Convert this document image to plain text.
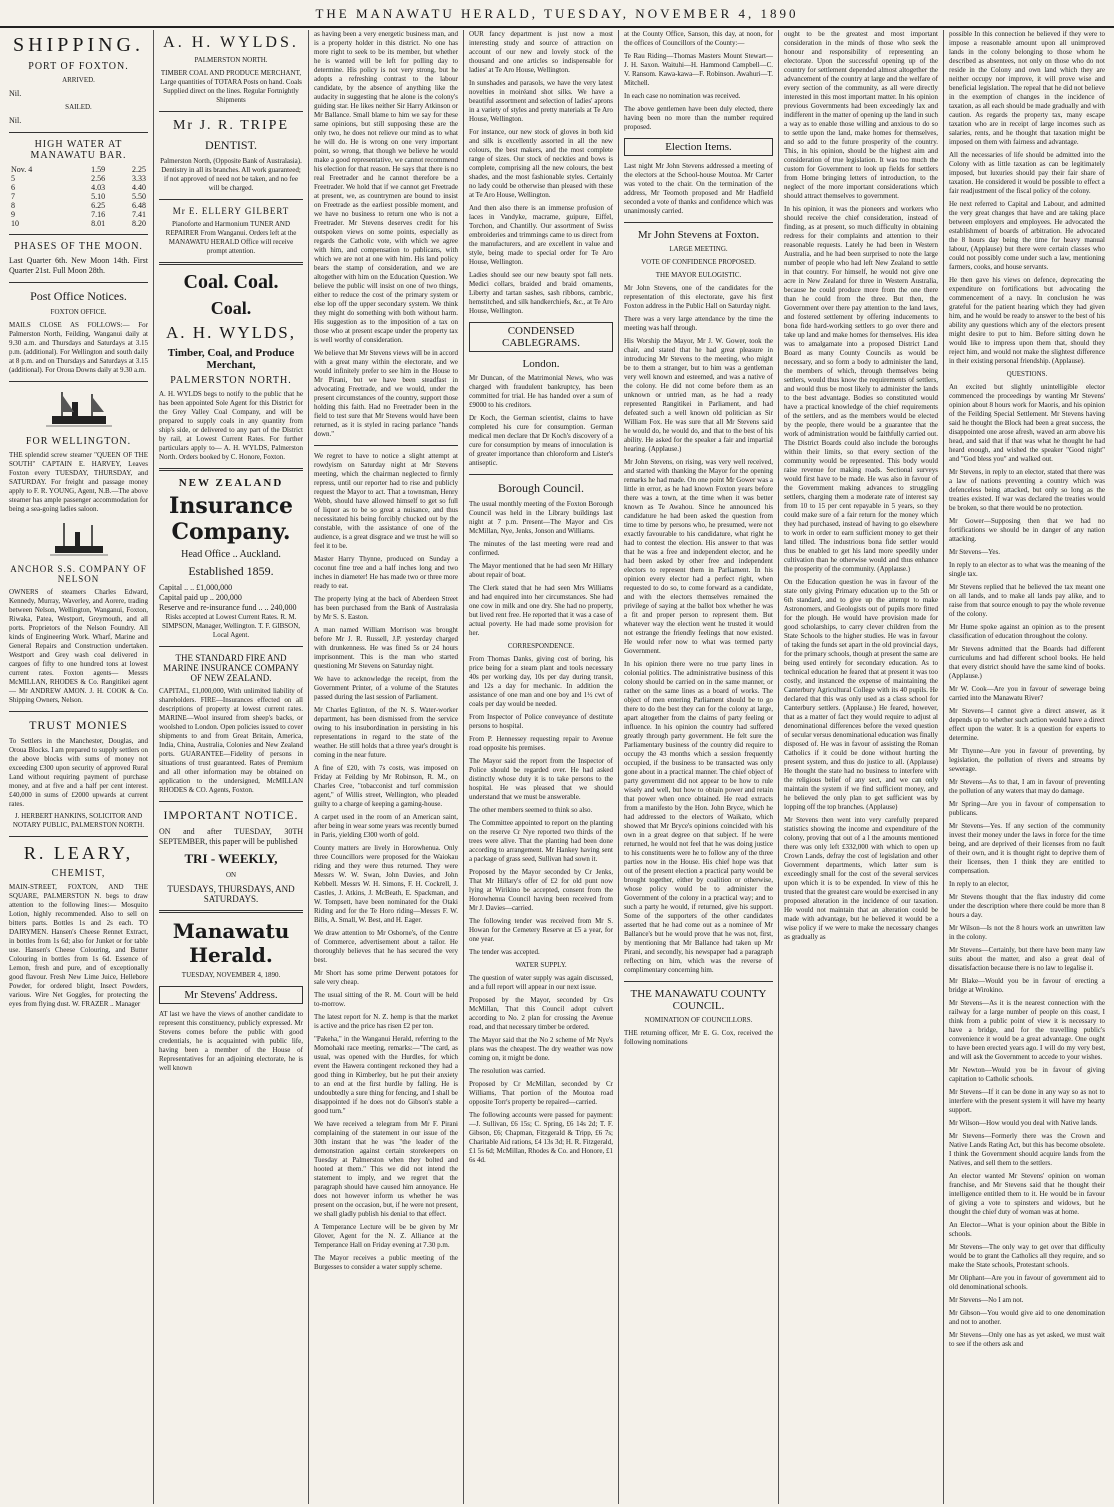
THE MANAWATU HERALD, TUESDAY, NOVEMBER 4, 1890
SHIPPING.
PORT OF FOXTON.
ARRIVED.
Nil.
SAILED.
Nil.
HIGH WATER AT MANAWATU BAR.
Nov. 4	1.59	2.25
5	2.56	3.33
6	4.03	4.40
7	5.10	5.50
8	6.25	6.48
9	7.16	7.41
10	8.01	8.20
PHASES OF THE MOON.
Last Quarter 6th. New Moon 14th. First Quarter 21st. Full Moon 28th.
Post Office Notices.
FOXTON OFFICE.
MAILS CLOSE AS FOLLOWS:— For Palmerston North, Feilding, Wanganui daily at 9.30 a.m. and Thursdays and Saturdays at 3.15 p.m. (additional). For Wellington and south daily at 8 p.m. and on Thursdays and Saturdays at 3.15 (additional). For Oroua Downs daily at 9.30 a.m.
FOR WELLINGTON.
THE splendid screw steamer "QUEEN OF THE SOUTH" CAPTAIN E. HARVEY, Leaves Foxton every TUESDAY, THURSDAY, and SATURDAY. For freight and passage money apply to F. R. YOUNG, Agent, N.B.—The above steamer has ample passenger accommodation for being a sea-going ladies saloon.
ANCHOR S.S. COMPANY OF NELSON
OWNERS of steamers Charles Edward, Kennedy, Murray, Waverley, and Aorere, trading between Nelson, Wellington, Wanganui, Foxton, Riwaka, Patea, Westport, Greymouth, and all ports. Proprietors of the Nelson Foundry. All kinds of Engineering Work. Wharf, Marine and General Repairs and Construction undertaken. Westport and Grey wash coal delivered in cargoes of fifty to one hundred tons at lowest current rates. Foxton agents— Messrs McMILLAN, RHODES & Co. Rangitikei agent— Mr ANDREW AMON. J. H. COOK & Co. Shipping Owners, Nelson.
TRUST MONIES
To Settlers in the Manchester, Douglas, and Oroua Blocks. I am prepared to supply settlers on the above blocks with sums of money not exceeding £300 upon security of approved Rural Land without requiring payment of purchase money, and at five and a half per cent interest. £40,000 in sums of £2000 upwards at current rates.
J. HERBERT HANKINS, SOLICITOR AND NOTARY PUBLIC, PALMERSTON NORTH.
R. LEARY,
CHEMIST,
MAIN-STREET, FOXTON, AND THE SQUARE, PALMERSTON N. begs to draw attention to the following lines:— Mosquito Lotion, highly recommended. Also to sell on bitters parts. Bottles 1s and 2s each. TO DAIRYMEN. Hansen's Cheese Rennet Extract, in bottles from 1s 6d; also for Junket or for table use. Hansen's Cheese Colouring, and Butter Colouring in bottles from 1s 6d. Essence of Lemon, fresh and pure, and of exceptionally good flavour. Fresh New Lime Juice, Hellebore Powder, for ordered blight, Insect Powders, various. Wire Net Goggles, for protecting the eyes from flying dust. W. FRAZER .. Manager
A. H. WYLDS.
PALMERSTON NORTH.
TIMBER COAL AND PRODUCE MERCHANT, Large quantities of TOTARA Posts on hand. Coals Supplied direct on the lines. Regular Fortnightly Shipments
Mr J. R. TRIPE
DENTIST.
Palmerston North, (Opposite Bank of Australasia). Dentistry in all its branches. All work guaranteed; if not approved of need not be taken, and no fee will be charged.
Mr E. ELLERY GILBERT
Pianoforte and Harmonium TUNER AND REPAIRER From Wanganui. Orders left at the MANAWATU HERALD Office will receive prompt attention.
Coal. Coal.
Coal.
A. H. WYLDS,
Timber, Coal, and Produce Merchant,
PALMERSTON NORTH.
A. H. WYLDS begs to notify to the public that he has been appointed Sole Agent for this District for the Grey Valley Coal Company, and will be prepared to supply coals in any quantity from ship's side, or delivered to any part of the District by rail, at Lowest Current Rates. For further particulars apply to— A. H. WYLDS, Palmerston North. Orders booked by C. Honore, Foxton.
NEW ZEALAND
Insurance Company.
Head Office .. Auckland.
Established 1859.
Capital .. .. £1,000,000
Capital paid up .. 200,000
Reserve and re-insurance fund .. .. 240,000
Risks accepted at Lowest Current Rates. R. M. SIMPSON, Manager, Wellington. T. F. GIBSON, Local Agent.
THE STANDARD FIRE AND MARINE INSURANCE COMPANY OF NEW ZEALAND.
CAPITAL, £1,000,000, With unlimited liability of shareholders. FIRE—Insurances effected on all descriptions of property at lowest current rates. MARINE—Wool insured from sheep's backs, or woolshed to London. Open policies issued to cover shipments to and from Great Britain, America, India, China, Australia, Colonies and New Zealand ports. GUARANTEE—Fidelity of persons in situations of trust guaranteed. Rates of Premium and all other information may be obtained on application to the undersigned, McMILLAN RHODES & CO. Agents, Foxton.
IMPORTANT NOTICE.
ON and after TUESDAY, 30TH SEPTEMBER, this paper will be published
TRI - WEEKLY,
ON
TUESDAYS, THURSDAYS, AND SATURDAYS.
Manawatu Herald.
TUESDAY, NOVEMBER 4, 1890.
Mr Stevens' Address.
AT last we have the views of another candidate to represent this constituency, publicly expressed. Mr Stevens comes before the public with good credentials, he is acquainted with public life, having been a member of the House of Representatives for an adjoining electorate, he is well known

as having been a very energetic business man, and is a property holder in this district. No one has more right to seek to be its member, but whether he is wanted will be left for polling day to determine. His policy is not very strong, but he adopts a refreshing contrast to the labour candidate, by the absence of anything like the audacity in suggesting that he alone is the colony's guiding star. He likes neither Sir Harry Atkinson or Mr Ballance. Small blame to him we say for these same opinions, but still supposing these are the only two, he does not relieve our mind as to what he will do. He is wrong on one very important point, so wrong, that though we believe he would make a good representative, we cannot recommend his election for that reason. He says that there is no real Freetrader and he cannot therefore be a Freetrader. We hold that if we cannot get Freetrade at present, we, as countrymen are bound to insist on Freetrade as the earliest possible moment, and we have no business to return one who is not a Freetrader. Mr Stevens deserves credit for his outspoken views on some points, especially as regards the Catholic vote, with which we agree with him, and compensation to publicans, with which we are not at one with him. His land policy bears the stamp of consideration, and we are altogether with him on the Education Question. We believe the public will insist on one of two things, either to reduce the cost of the primary system or else lop off the upper secondary system. We think they might do something with both without harm. His suggestion as to the imposition of a tax on those who at present escape under the property tax is well worthy of consideration.

We believe that Mr Stevens views will be in accord with a great many within the electorate, and we would infinitely prefer to see him in the House to Mr Pirani, but we have been steadfast in advocating Freetrade, and we would, under the present circumstances of the country, support those holding this faith. Had no Freetrader been in the field to test sure that Mr Stevens would have been returned, as it is styled in racing parlance "hands down."

We regret to have to notice a slight attempt at rowdyism on Saturday night at Mr Stevens meeting, which the chairman neglected to firmly repress, until our reporter had to rise and publicly request the Mayor to act. That a townsman, Henry Webb, should have allowed himself to get so full of liquor as to be so great a nuisance, and thus necessitated his being forcibly chucked out by the constable, with the assistance of one of the audience, is a great disgrace and we trust he will so feel it to be.

Master Harry Thynne, produced on Sunday a coconut fine tree and a half inches long and two inches in diameter! He has made two or three more ready to eat.

The property lying at the back of Aberdeen Street has been purchased from the Bank of Australasia by Mr S. S. Easton.

A man named William Morrison was brought before Mr J. R. Russell, J.P. yesterday charged with drunkenness. He was fined 5s or 24 hours imprisonment. This is the man who started questioning Mr Stevens on Saturday night.

We have to acknowledge the receipt, from the Government Printer, of a volume of the Statutes passed during the last session of Parliament.

Mr Charles Eglinton, of the N. S. Water-worker department, has been dismissed from the service owing to his insubordination in persisting in his representations in regard to the state of the weather. He still holds that a three year's drought is coming in the near future.

A fine of £20, with 7s costs, was imposed on Friday at Feilding by Mr Robinson, R. M., on Charles Cree, "tobacconist and turf commission agent," of Willis street, Wellington, who pleaded guilty to a charge of keeping a gaming-house.

A carpet used in the room of an American saint, after being in wear some years was recently burned in Paris, yielding £300 worth of gold.

County matters are lively in Horowhenua. Only three Councillors were proposed for the Waiokau riding and they were thus returned. They were Messrs W. W. Swan, John Davies, and John Kebbell. Messrs W. H. Simons, F. H. Cockrell, J. Castles, J. Atkins, J. McBeath, E. Spackman, and W. Tompsett, have been nominated for the Otaki Riding and for the Te Horo riding—Messrs F. W. Bills, A. Small, W. Best, and H. Eager.

We draw attention to Mr Osborne's, of the Centre of Commerce, advertisement about a tailor. He thoroughly believes that he has secured the very best.

Mr Short has some prime Derwent potatoes for sale very cheap.

The usual sitting of the R. M. Court will be held to-morrow.

The latest report for N. Z. hemp is that the market is active and the price has risen £2 per ton.

"Pakeha," in the Wanganui Herald, referring to the Momohaki race meeting, remarks:—"The card, as usual, was opened with the Hurdles, for which event the Hawera contingent reckoned they had a good thing in Kimberley, but he put their anxiety to an end at the first hurdle by falling. He is undoubtedly a sure thing for fencing, and I shall be disappointed if he does not do Gibson's stable a good turn."

We have received a telegram from Mr F. Pirani complaining of the statement in our issue of the 30th instant that he was "the leader of the demonstration against certain storekeepers on Tuesday at Palmerston when they bolted and hooted at them." This we did not intend the statement to imply, and we regret that the paragraph should have caused him annoyance. He does not however inform us whether he was present on the occasion, but, if he were not present, we shall gladly publish his denial to that effect.

A Temperance Lecture will be be given by Mr Glover, Agent for the N. Z. Alliance at the Temperance Hall on Friday evening at 7.30 p.m.

The Mayor receives a public meeting of the Burgesses to consider a water supply scheme.

OUR fancy department is just now a most interesting study and source of attraction on account of our new and lovely stock of the thousand and one articles so indispensable for ladies' at Te Aro House, Wellington.

In sunshades and parasols, we have the very latest novelties in moiréand shot silks. We have a beautiful assortment and selection of ladies' aprons in a variety of styles and pretty materials at Te Aro House, Wellington.

For instance, our new stock of gloves in both kid and silk is excellently assorted in all the new colours, the best makers, and the most complete range of sizes. Our stock of neckties and bows is complete, comprising all the new colours, the best shades, and the most fashionable styles. Certainly no lady could be otherwise than pleased with these at Te Aro House, Wellington.

And then also there is an immense profusion of laces in Vandyke, macrame, guipure, Eiffel, Torchon, and Chantilly. Our assortment of Swiss embroideries and trimmings came to us direct from the manufacturers, and are excellent in value and style, being made to special order for Te Aro House, Wellington.

Ladies should see our new beauty spot fall nets. Medici collars, braided and braid ornaments, Liberty and tartan sashes, sash ribbons, cambric, hemstitched, and silk handkerchiefs, &c., at Te Aro House, Wellington.

CONDENSED CABLEGRAMS.
London.

Mr Duncan, of the Matrimonial News, who was charged with fraudulent bankruptcy, has been committed for trial. He has handed over a sum of £9000 to his creditors.

Dr Koch, the German scientist, claims to have completed his cure for consumption. German medical men declare that Dr Koch's discovery of a cure for consumption by means of innoculation is of greater importance than chloroform and Lister's antiseptic.

Borough Council.

The usual monthly meeting of the Foxton Borough Council was held in the Library buildings last night at 7 p.m. Present—The Mayor and Crs McMillan, Nye, Jenks, Jonson and Williams.

The minutes of the last meeting were read and confirmed.

The Mayor mentioned that he had seen Mr Hillary about repair of boat.

The Clerk stated that he had seen Mrs Williams and had enquired into her circumstances. She had one cow in milk and one dry. She had no property, but lived rent free. He reported that it was a case of actual poverty. He had made some provision for her.

CORRESPONDENCE.

From Thomas Danks, giving cost of boring, his price being for a steam plant and tools necessary 40s per working day, 10s per day during transit, and 12s a day for mechanic. In addition the assistance of one man and one boy and 1½ cwt of coals per day would be needed.

From Inspector of Police conveyance of destitute persons to hospital.

From P. Hennessey requesting repair to Avenue road opposite his premises.

The Mayor said the report from the Inspector of Police should be regarded over. He had asked distinctly whose duty it is to take persons to the hospital. He was pleased that we should understand that we must be answerable.

The other members seemed to think so also.

The Committee appointed to report on the planting on the reserve Cr Nye reported two thirds of the trees were alive. That the planting had been done according to arrangement. Mr Hankey having sent a package of grass seed, Sullivan had sown it.

Proposed by the Mayor seconded by Cr Jenks, That Mr Hillary's offer of £2 for old punt now lying at Wirikino be accepted, consent from the Horowhenua Council having been received from Mr J. Davies—carried.

The following tender was received from Mr S. Howan for the Cemetery Reserve at £5 a year, for one year.

The tender was accepted.

WATER SUPPLY.

The question of water supply was again discussed, and a full report will appear in our next issue.

Proposed by the Mayor, seconded by Crs McMillan, That this Council adopt culvert according to No. 2 plan for crossing the Avenue road, and that necessary timber be ordered.

The Mayor said that the No 2 scheme of Mr Nye's plans was the cheapest. The dry weather was now coming on, it might be done.

The resolution was carried.

Proposed by Cr McMillan, seconded by Cr Williams, That portion of the Moutoa road opposite Torr's property be repaired—carried.

The following accounts were passed for payment:—J. Sullivan, £6 15s; C. Spring, £6 14s 2d; T. F. Gibson, £6; Chapman, Fitzgerald & Tripp, £6 7s; Charitable Aid rations, £4 13s 3d; H. R. Fitzgerald, £1 5s 6d; McMillan, Rhodes & Co. and Honore, £1 6s 4d.

at the County Office, Sanson, this day, at noon, for the offices of Councillors of the County:—

Te Rau Riding—Thomas Masters Mount Stewart—J. H. Saxon. Waituhi—H. Hammond Campbell—C. V. Ransom. Kawa-kawa—F. Robinson. Awahuri—T. Mitchell.

In each case no nomination was received.

The above gentlemen have been duly elected, there having been no more than the number required proposed.

Election Items.

Last night Mr John Stevens addressed a meeting of the electors at the School-house Moutoa. Mr Carter was voted to the chair. On the termination of the address, Mr Teomoth proposed and Mr Hadfield seconded a vote of thanks and confidence which was unanimously carried.

Mr John Stevens at Foxton.
LARGE MEETING.
VOTE OF CONFIDENCE PROPOSED.
THE MAYOR EULOGISTIC.

Mr John Stevens, one of the candidates for the representation of this electorate, gave his first Foxton address in the Public Hall on Saturday night.

There was a very large attendance by the time the meeting was half through.

His Worship the Mayor, Mr J. W. Gower, took the chair, and stated that he had great pleasure in introducing Mr Stevens to the meeting, who might be to them a stranger, but to him was a gentleman very well known and esteemed, and was a native of the colony. He did not come before them as an unknown or untried man, as he had a ready represented Rangitikei in Parliament, and had defeated such a well known old politician as Sir William Fox. He was sure that all Mr Stevens said he would do, he would do, and that to the best of his ability. He asked for the speaker a fair and impartial hearing. (Applause.)

Mr John Stevens, on rising, was very well received, and started with thanking the Mayor for the opening remarks he had made. On one point Mr Gower was a little in error, as he had known Foxton years before there was a town, at the time when it was better known as Te Awahou. Since he announced his candidature he had been asked the question from time to time by persons who, he presumed, were not exactly favourable to his candidature, what right he had to contest the election. His answer to that was that he was a free and independent elector, and he had been asked by other free and independent electors to represent them in Parliament. In his opinion every elector had a perfect right, when requested to do so, to come forward as a candidate, and with the electors themselves remained the privilege of saying at the ballot box whether he was a fit and proper person to represent them. But whatever way the election went he trusted it would not estrange the friendly feelings that now existed. He would refer now to what was termed party Government.

In his opinion there were no true party lines in colonial politics. The administrative business of this colony should be carried on in the same manner, or rather on the same lines as a board of works. The object of men entering Parliament should be to go there to do the best they can for the colony at large, apart altogether from the claims of party feeling or influence. In his opinion the country had suffered greatly through party government. He felt sure the Parliamentary business of the country did require to occupy the 43 months which a session frequently occupied, if the business to be transacted was only gone about in a practical manner. The chief object of party government did not appear to be how to rule wisely and well, but how to obtain power and retain that power when once obtained. He read extracts from a manifesto by the Hon. John Bryce, which he had addressed to the electors of Waikato, which showed that Mr Bryce's opinions coincided with his own in a great degree on that subject. If he were returned, he would not feel that he was doing justice to his constituents were he to follow any of the three parties now in the House. His chief hope was that out of the present election a practical party would be brought together, either by coalition or otherwise, whose policy would be to administer the Government of the colony in a practical way; and to such a party he would, if returned, give his support. Some of the supporters of the other candidates asserted that he had come out as a nominee of Mr Ballance's but he would prove that he was not, first, by mentioning that Mr Ballance had taken up Mr Pirani, and secondly, his newspaper had a paragraph reflecting on him, which was the reverse of complimentary concerning him.

THE MANAWATU COUNTY COUNCIL.
NOMINATION OF COUNCILLORS.

THE returning officer, Mr E. G. Cox, received the following nominations

ought to be the greatest and most important consideration in the minds of those who seek the honour and responsibility of representing an electorate. Upon the successful opening up of the country for settlement depended almost altogether the advancement of the country at large and the welfare of every section of the community, as all were directly interested in this most important matter. In his opinion previous Governments had been exceedingly lax and indifferent in the matter of opening up the land in such a way as to enable those willing and anxious to do so to settle upon the land, make homes for themselves, and so add to the future prosperity of the country. This, in his opinion, should be the highest aim and consideration of true legislation. It was too much the custom for Government to look up fields for settlers from Home bringing letters of introduction, to the neglect of the more important considerations which should attract themselves to government.

In his opinion, it was the pioneers and workers who should receive the chief consideration, instead of finding, as at present, so much difficulty in obtaining redress for their complaints and attention to their reasonable requests. Lately he had been in Western Australia, and he had been surprised to note the large number of people who had left New Zealand to settle in that country. For himself, he would not give one acre in New Zealand for three in Western Australia, because he could produce more from the one there than he could from the three. But then, the Government over there pay attention to the land laws, and fostered settlement by offering inducements to bona fide hard-working settlers to go over there and take up land and make homes for themselves. His idea was to amalgamate into a proposed District Land Board as many County Councils as would be necessary, and so form a body to administer the land, the members of which, through themselves being settlers, would thus know the requirements of settlers, and would thus be most likely to administer the lands to the best advantage. Bodies so constituted would have a practical knowledge of the chief requirements of the settlers, and as the members would be elected by the people, there would be a guarantee that the work of administration would be faithfully carried out. The District Boards could also include the boroughs within their limits, so that every section of the community would be represented. This body would raise revenue for making roads. Sectional surveys would first have to be made. He was also in favour of the Government making advances to struggling settlers, charging them a moderate rate of interest say from 10 to 15 per cent repayable in 5 years, so they could make sure of a fair return for the money which they had purchased, instead of having to go elsewhere to work in order to earn sufficient money to get their land tilled. The industrious bona fide settler would thus be enabled to get his land more speedily under cultivation than he otherwise would and thus enhance the prosperity of the community. (Applause.)

On the Education question he was in favour of the state only giving Primary education up to the 5th or 6th standard, and to give up the attempt to make Astronomers, and Geologists out of pupils more fitted for the plough. He would have provision made for good scholarships, to carry clever children from the State Schools to the higher studies. He was in favour of taking the funds set apart in the old provincial days, for the primary schools, though at present the same are being used entirely for secondary education. As to technical education he feared that at present it was too costly, and instanced the expense of maintaining the Canterbury Agricultural College with its 40 pupils. He declared that this was only used as a class school for Canterbury settlers. (Applause.) He feared, however, that as a matter of fact they would require to adjust al denominational differences before the vexed question of secular versus denominational education was finally disposed of. He was in favour of assisting the Roman Catholics if it could be done without hurting the present system, and thus do justice to all. (Applause) He thought the state had no business to interfere with the religious belief of any sect, and we can only maintain the system if we find sufficient money, and he believed the only plan to get sufficient was by lopping off the top branches. (Applause)

Mr Stevens then went into very carefully prepared statistics showing the income and expenditure of the colony, proving that out of a l the amounts mentioned there was only left £332,000 with which to open up Crown Lands, defray the cost of legislation and other Government departments, which latter sum is exceedingly small for the cost of the several services upon which it is to be expended. In view of this he trusted that the greatest care would be exercised in any proposed alteration in the incidence of our taxation. He would not maintain that an alteration could be made with advantage, but he believed it would be a wise policy if we were to make the necessary changes as gradually as

possible In this connection he believed if they were to impose a reasonable amount upon all unimproved lands in the colony belonging to those whom he described as absentees, not only on those who do not reside in the Colony and own land which they are neither occupy nor improve, it will prove wise and beneficial legislation. The repeal that he did not believe in the exemption of changes in the incidence of taxation, as all each should be made gradually and with caution. As regards the property tax, many escape taxation who are in receipt of large incomes such as salaries, rents, and he thought that taxation might be imposed on them with fairness and advantage.

All the necessaries of life should be admitted into the Colony with as little taxation as can be legitimately imposed, but luxuries should pay their fair share of taxation. He considered it would be possible to effect a fair readjustment of the fiscal policy of the colony.

He next referred to Capital and Labour, and admitted the very great changes that have and are taking place between employers and employees. He advocated the establishment of boards of arbitration. He advocated the 8 hours day being the time for heavy manual labour, (Applause) but there were certain classes who could not possibly come under such a law, mentioning farmers, cooks, and house servants.

He then gave his views on defence, deprecating the expenditure on fortifications but advocating the commencement of a navy. In conclusion he was grateful for the patient hearing which they had given him, and he would be ready to answer to the best of his ability any questions which any of the electors present might desire to put to him. Before sitting down he would like to impress upon them that, should they reject him, and would not make the slightest difference in their existing personal friendship. (Applause).

QUESTIONS.

An excited but slightly unintelligible elector commenced the proceedings by wanting Mr Stevens' opinion about 8 hours work for Maoris, and his opinion of the Feilding Special Settlement. Mr Stevens having said he thought the Block had been a great success, the disappointed one arose afresh, waved an arm above his head, and said that if that was what he thought he had heard enough, and wished the speaker "Good night" and "God bless you" and walked out.

Mr Stevens, in reply to an elector, stated that there was a law of nations preventing a country which was defenceless being attacked, but only so long as the treaties existed. If war was declared the treaties would be broken, so that there would be no protection.

Mr Gower—Supposing then that we had no fortifications we should be in danger of any nation attacking.

Mr Stevens—Yes.

In reply to an elector as to what was the meaning of the single tax.

Mr Stevens replied that he believed the tax meant one on all lands, and to make all lands pay alike, and to raise from that source enough to pay the whole revenue of the colony.

Mr Hume spoke against an opinion as to the present classification of education throughout the colony.

Mr Stevens admitted that the Boards had different curriculums and had different school books. He held that every district should have the same kind of books. (Applause.)

Mr W. Cook—Are you in favour of sewerage being carried into the Manawatu River?

Mr Stevens—I cannot give a direct answer, as it depends up to whether such action would have a direct effect upon the water. It is a question for experts to determine.

Mr Thynne—Are you in favour of preventing, by legislation, the pollution of rivers and streams by sewerage.

Mr Stevens—As to that, I am in favour of preventing the pollution of any waters that may do damage.

Mr Spring—Are you in favour of compensation to publicans.

Mr Stevens—Yes. If any section of the community invest their money under the laws in force for the time being, and are deprived of their licenses from no fault of their own, and it is thought right to deprive them of their licenses, then I think they are entitled to compensation.

In reply to an elector,

Mr Stevens thought that the flax industry did come under the description where there could be more than 8 hours a day.

Mr Wilson—Is not the 8 hours work an unwritten law in the colony.

Mr Stevens—Certainly, but there have been many law suits about the matter, and also a great deal of dissatisfaction because there is no law to legalise it.

Mr Blake—Would you be in favour of erecting a bridge at Wirokino.

Mr Stevens—As it is the nearest connection with the railway for a large number of people on this coast, I think from a public point of view it is necessary to have a bridge, and for the travelling public's convenience it would be a great advantage. One ought to have been erected years ago. I will do my very best, and will ask the Government to accede to your wishes.

Mr Newton—Would you be in favour of giving capitation to Catholic schools.

Mr Stevens—If it can be done in any way so as not to interfere with the present system it will have my hearty support.

Mr Wilson—How would you deal with Native lands.

Mr Stevens—Formerly there was the Crown and Native Lands Rating Act, but this has become obsolete. I think the Government should acquire lands from the Natives, and sell them to the settlers.

An elector wanted Mr Stevens' opinion on woman franchise, and Mr Stevens said that he thought their intelligence entitled them to it. He would be in favour of giving a vote to spinsters and widows, but he thought the chief duty of woman was at home.

An Elector—What is your opinion about the Bible in schools.

Mr Stevens—The only way to get over that difficulty would be to grant the Catholics all they require, and so make the State schools, Protestant schools.

Mr Oliphant—Are you in favour of government aid to old denominational schools.

Mr Stevens—No I am not.

Mr Gibson—You would give aid to one denomination and not to another.

Mr Stevens—Only one has as yet asked, we must wait to see if the others ask and
